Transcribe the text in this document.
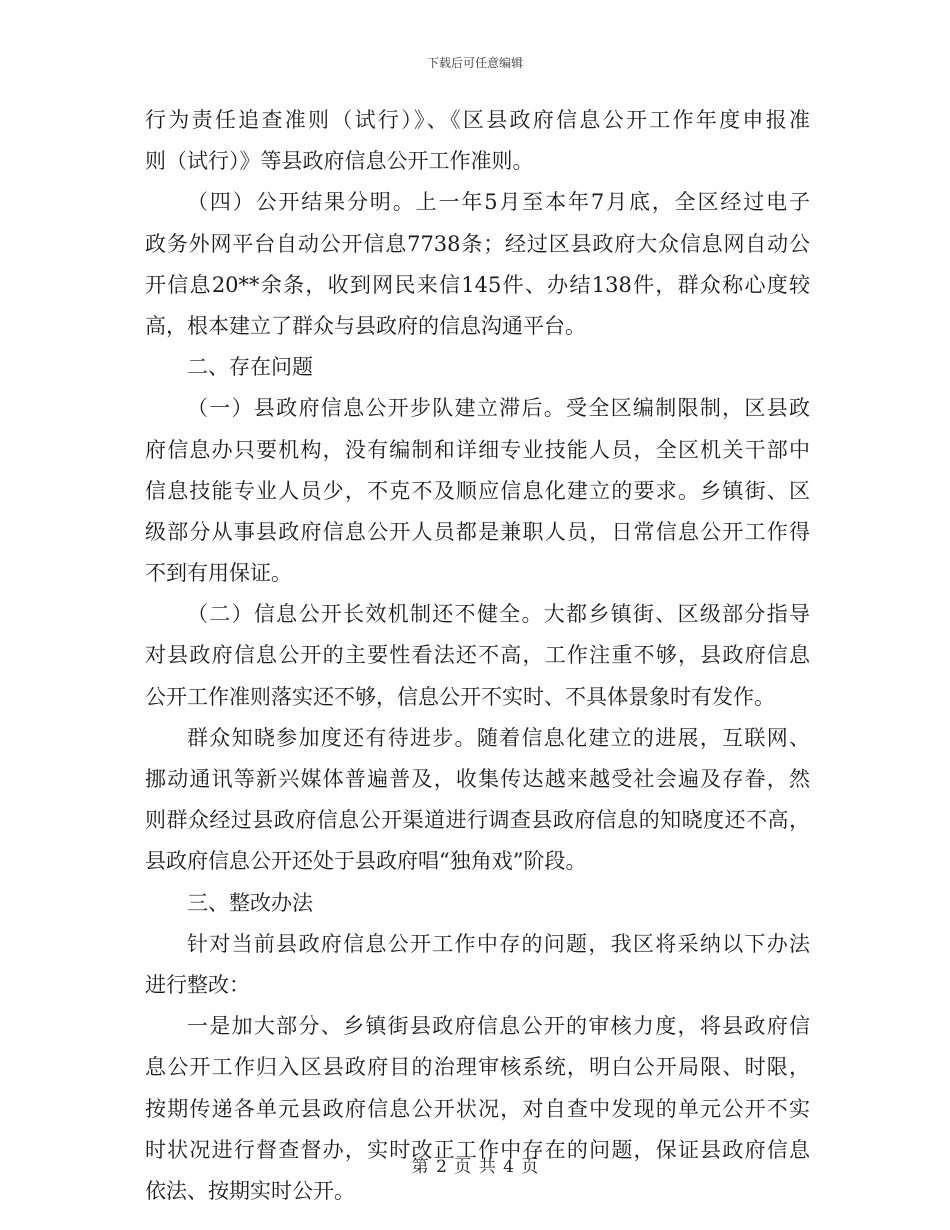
下载后可任意编辑
行为责任追查准则（试行）》、《区县政府信息公开工作年度申报准
则（试行）》等县政府信息公开工作准则。
（四）公开结果分明。上一年5月至本年7月底，全区经过电子
政务外网平台自动公开信息7738条；经过区县政府大众信息网自动公
开信息20**余条，收到网民来信145件、办结138件，群众称心度较
高，根本建立了群众与县政府的信息沟通平台。
二、存在问题
（一）县政府信息公开步队建立滞后。受全区编制限制，区县政
府信息办只要机构，没有编制和详细专业技能人员，全区机关干部中
信息技能专业人员少，不克不及顺应信息化建立的要求。乡镇街、区
级部分从事县政府信息公开人员都是兼职人员，日常信息公开工作得
不到有用保证。
（二）信息公开长效机制还不健全。大都乡镇街、区级部分指导
对县政府信息公开的主要性看法还不高，工作注重不够，县政府信息
公开工作准则落实还不够，信息公开不实时、不具体景象时有发作。
群众知晓参加度还有待进步。随着信息化建立的进展，互联网、
挪动通讯等新兴媒体普遍普及，收集传达越来越受社会遍及存眷，然
则群众经过县政府信息公开渠道进行调查县政府信息的知晓度还不高，
县政府信息公开还处于县政府唱“独角戏”阶段。
三、整改办法
针对当前县政府信息公开工作中存的问题，我区将采纳以下办法
进行整改：
一是加大部分、乡镇街县政府信息公开的审核力度，将县政府信
息公开工作归入区县政府目的治理审核系统，明白公开局限、时限，
按期传递各单元县政府信息公开状况，对自查中发现的单元公开不实
时状况进行督查督办，实时改正工作中存在的问题，保证县政府信息
依法、按期实时公开。
第 2 页 共 4 页
